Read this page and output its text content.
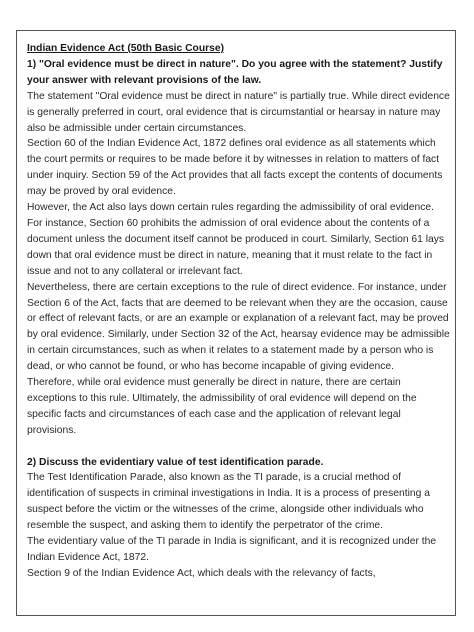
Indian Evidence Act (50th Basic Course)

1) "Oral evidence must be direct in nature". Do you agree with the statement? Justify your answer with relevant provisions of the law.

The statement "Oral evidence must be direct in nature" is partially true. While direct evidence is generally preferred in court, oral evidence that is circumstantial or hearsay in nature may also be admissible under certain circumstances.

Section 60 of the Indian Evidence Act, 1872 defines oral evidence as all statements which the court permits or requires to be made before it by witnesses in relation to matters of fact under inquiry. Section 59 of the Act provides that all facts except the contents of documents may be proved by oral evidence.

However, the Act also lays down certain rules regarding the admissibility of oral evidence. For instance, Section 60 prohibits the admission of oral evidence about the contents of a document unless the document itself cannot be produced in court. Similarly, Section 61 lays down that oral evidence must be direct in nature, meaning that it must relate to the fact in issue and not to any collateral or irrelevant fact.

Nevertheless, there are certain exceptions to the rule of direct evidence. For instance, under Section 6 of the Act, facts that are deemed to be relevant when they are the occasion, cause or effect of relevant facts, or are an example or explanation of a relevant fact, may be proved by oral evidence. Similarly, under Section 32 of the Act, hearsay evidence may be admissible in certain circumstances, such as when it relates to a statement made by a person who is dead, or who cannot be found, or who has become incapable of giving evidence.

Therefore, while oral evidence must generally be direct in nature, there are certain exceptions to this rule. Ultimately, the admissibility of oral evidence will depend on the specific facts and circumstances of each case and the application of relevant legal provisions.

2) Discuss the evidentiary value of test identification parade.

The Test Identification Parade, also known as the TI parade, is a crucial method of identification of suspects in criminal investigations in India. It is a process of presenting a suspect before the victim or the witnesses of the crime, alongside other individuals who resemble the suspect, and asking them to identify the perpetrator of the crime.

The evidentiary value of the TI parade in India is significant, and it is recognized under the Indian Evidence Act, 1872.

Section 9 of the Indian Evidence Act, which deals with the relevancy of facts,
